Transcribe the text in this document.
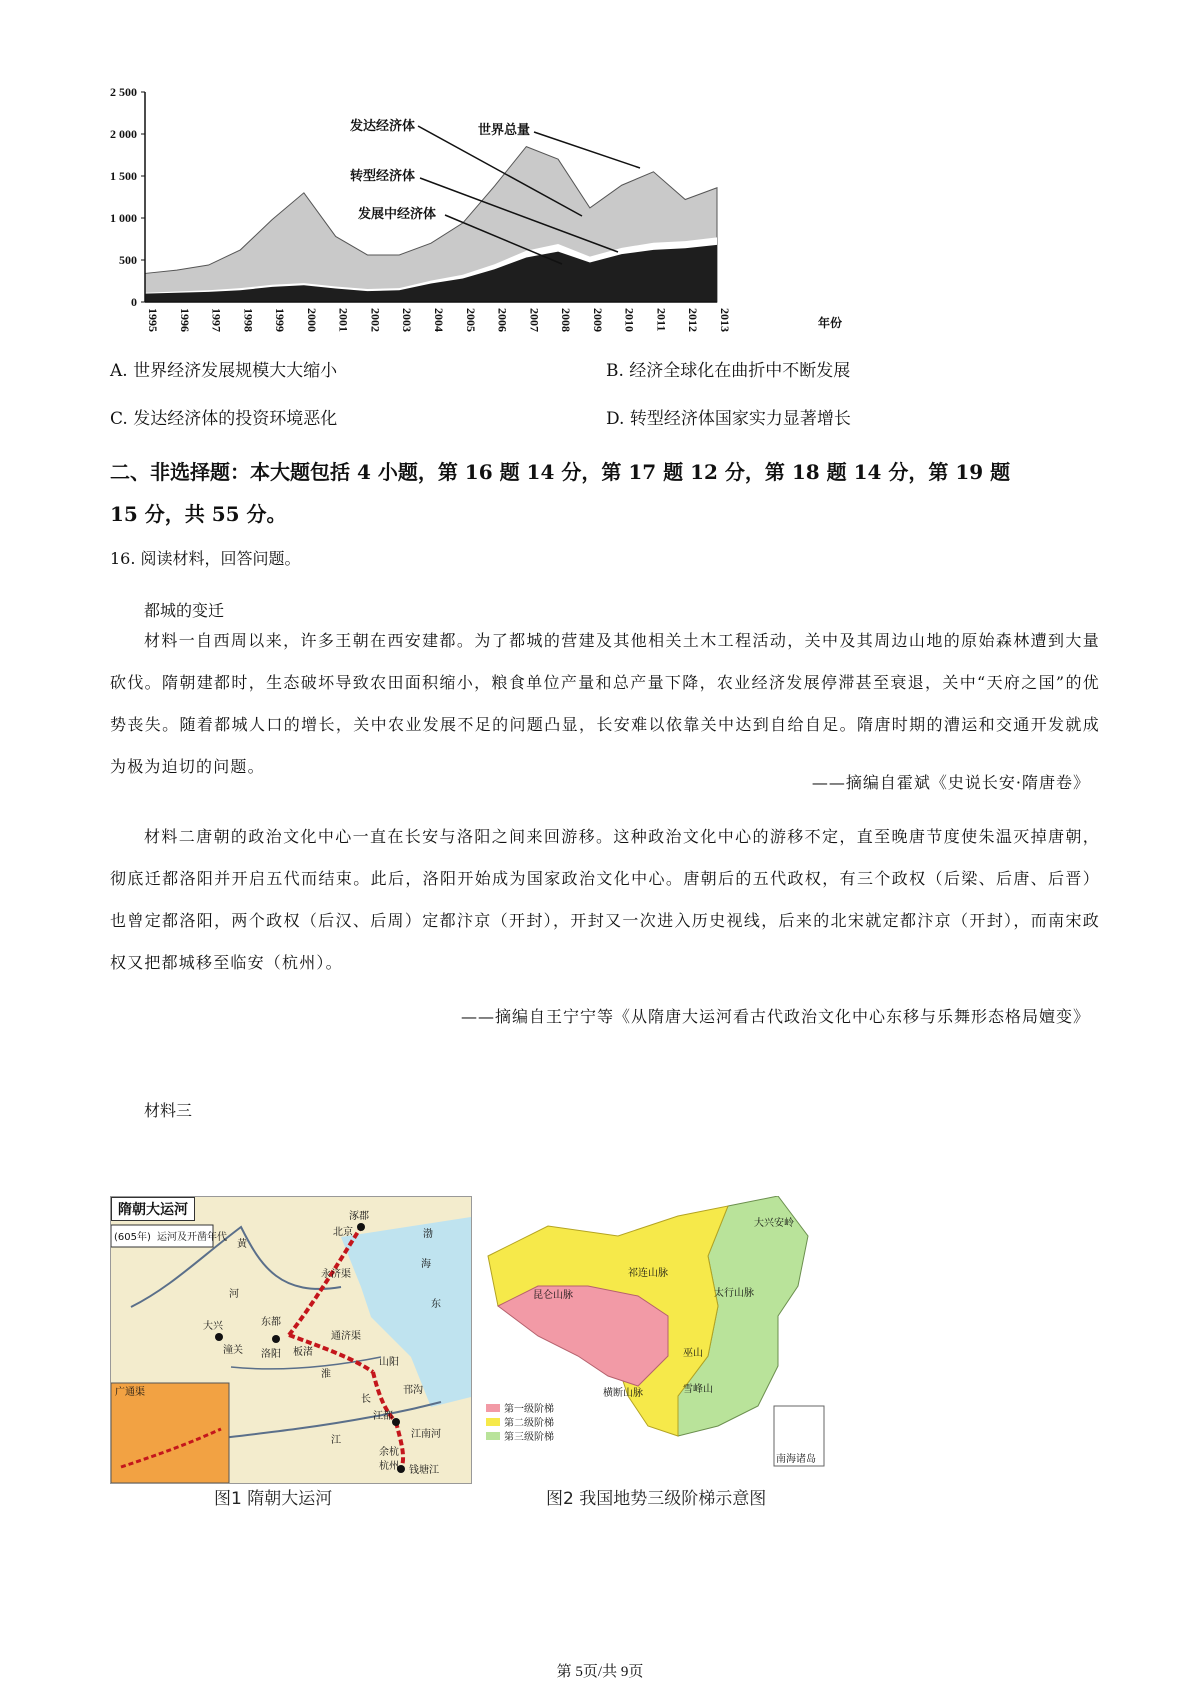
2 500
2 000
1 500
1 000
500
0
1995 1996 1997 1998 1999 2000 2001 2002 2003 2004 2005 2006 2007 2008 2009 2010 2011 2012 2013	年份
发达经济体	世界总量
转型经济体
发展中经济体
A. 世界经济发展规模大大缩小	B. 经济全球化在曲折中不断发展
C. 发达经济体的投资环境恶化	D. 转型经济体国家实力显著增长
二、非选择题：本大题包括 4 小题，第 16 题 14 分，第 17 题 12 分，第 18 题 14 分，第 19 题
15 分，共 55 分。
16. 阅读材料，回答问题。
都城的变迁
材料一自西周以来，许多王朝在西安建都。为了都城的营建及其他相关土木工程活动，关中及其周边山地的原始森林遭到大量砍伐。隋朝建都时，生态破坏导致农田面积缩小，粮食单位产量和总产量下降，农业经济发展停滞甚至衰退，关中“天府之国”的优势丧失。随着都城人口的增长，关中农业发展不足的问题凸显，长安难以依靠关中达到自给自足。隋唐时期的漕运和交通开发就成为极为迫切的问题。
——摘编自霍斌《史说长安·隋唐卷》
材料二唐朝的政治文化中心一直在长安与洛阳之间来回游移。这种政治文化中心的游移不定，直至晚唐节度使朱温灭掉唐朝，彻底迁都洛阳并开启五代而结束。此后，洛阳开始成为国家政治文化中心。唐朝后的五代政权，有三个政权（后梁、后唐、后晋）也曾定都洛阳，两个政权（后汉、后周）定都汴京（开封），开封又一次进入历史视线，后来的北宋就定都汴京（开封），而南宋政权又把都城移至临安（杭州）。
——摘编自王宁宁等《从隋唐大运河看古代政治文化中心东移与乐舞形态格局嬗变》
材料三
广通渠
涿郡
北京
大兴	东都
洛阳
潼关	板渚
山阳
江都
余杭
杭州 钱塘江
黄
河
渤
海
东
淮
长
江
永济渠
通济渠
邗沟
江南河
(605年) 运河及开凿年代
隋朝大运河
昆仑山脉
祁连山脉
大兴安岭
太行山脉
巫山
雪峰山
横断山脉
第一级阶梯
第二级阶梯
第三级阶梯
南海诸岛
图1 隋朝大运河	图2 我国地势三级阶梯示意图
第 5页/共 9页
